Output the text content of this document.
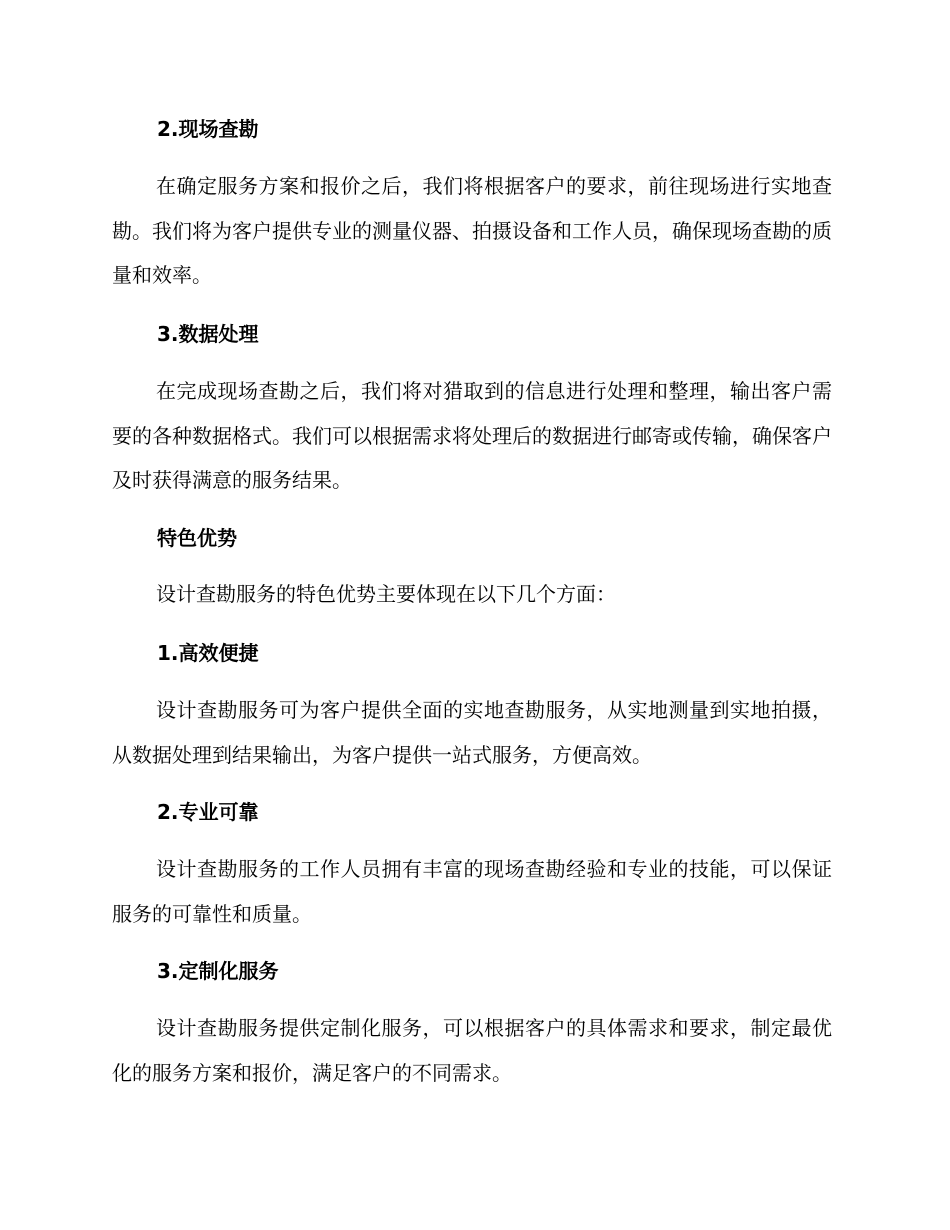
2.现场查勘
在确定服务方案和报价之后，我们将根据客户的要求，前往现场进行实地查勘。我们将为客户提供专业的测量仪器、拍摄设备和工作人员，确保现场查勘的质量和效率。
3.数据处理
在完成现场查勘之后，我们将对猎取到的信息进行处理和整理，输出客户需要的各种数据格式。我们可以根据需求将处理后的数据进行邮寄或传输，确保客户及时获得满意的服务结果。
特色优势
设计查勘服务的特色优势主要体现在以下几个方面：
1.高效便捷
设计查勘服务可为客户提供全面的实地查勘服务，从实地测量到实地拍摄，从数据处理到结果输出，为客户提供一站式服务，方便高效。
2.专业可靠
设计查勘服务的工作人员拥有丰富的现场查勘经验和专业的技能，可以保证服务的可靠性和质量。
3.定制化服务
设计查勘服务提供定制化服务，可以根据客户的具体需求和要求，制定最优化的服务方案和报价，满足客户的不同需求。
